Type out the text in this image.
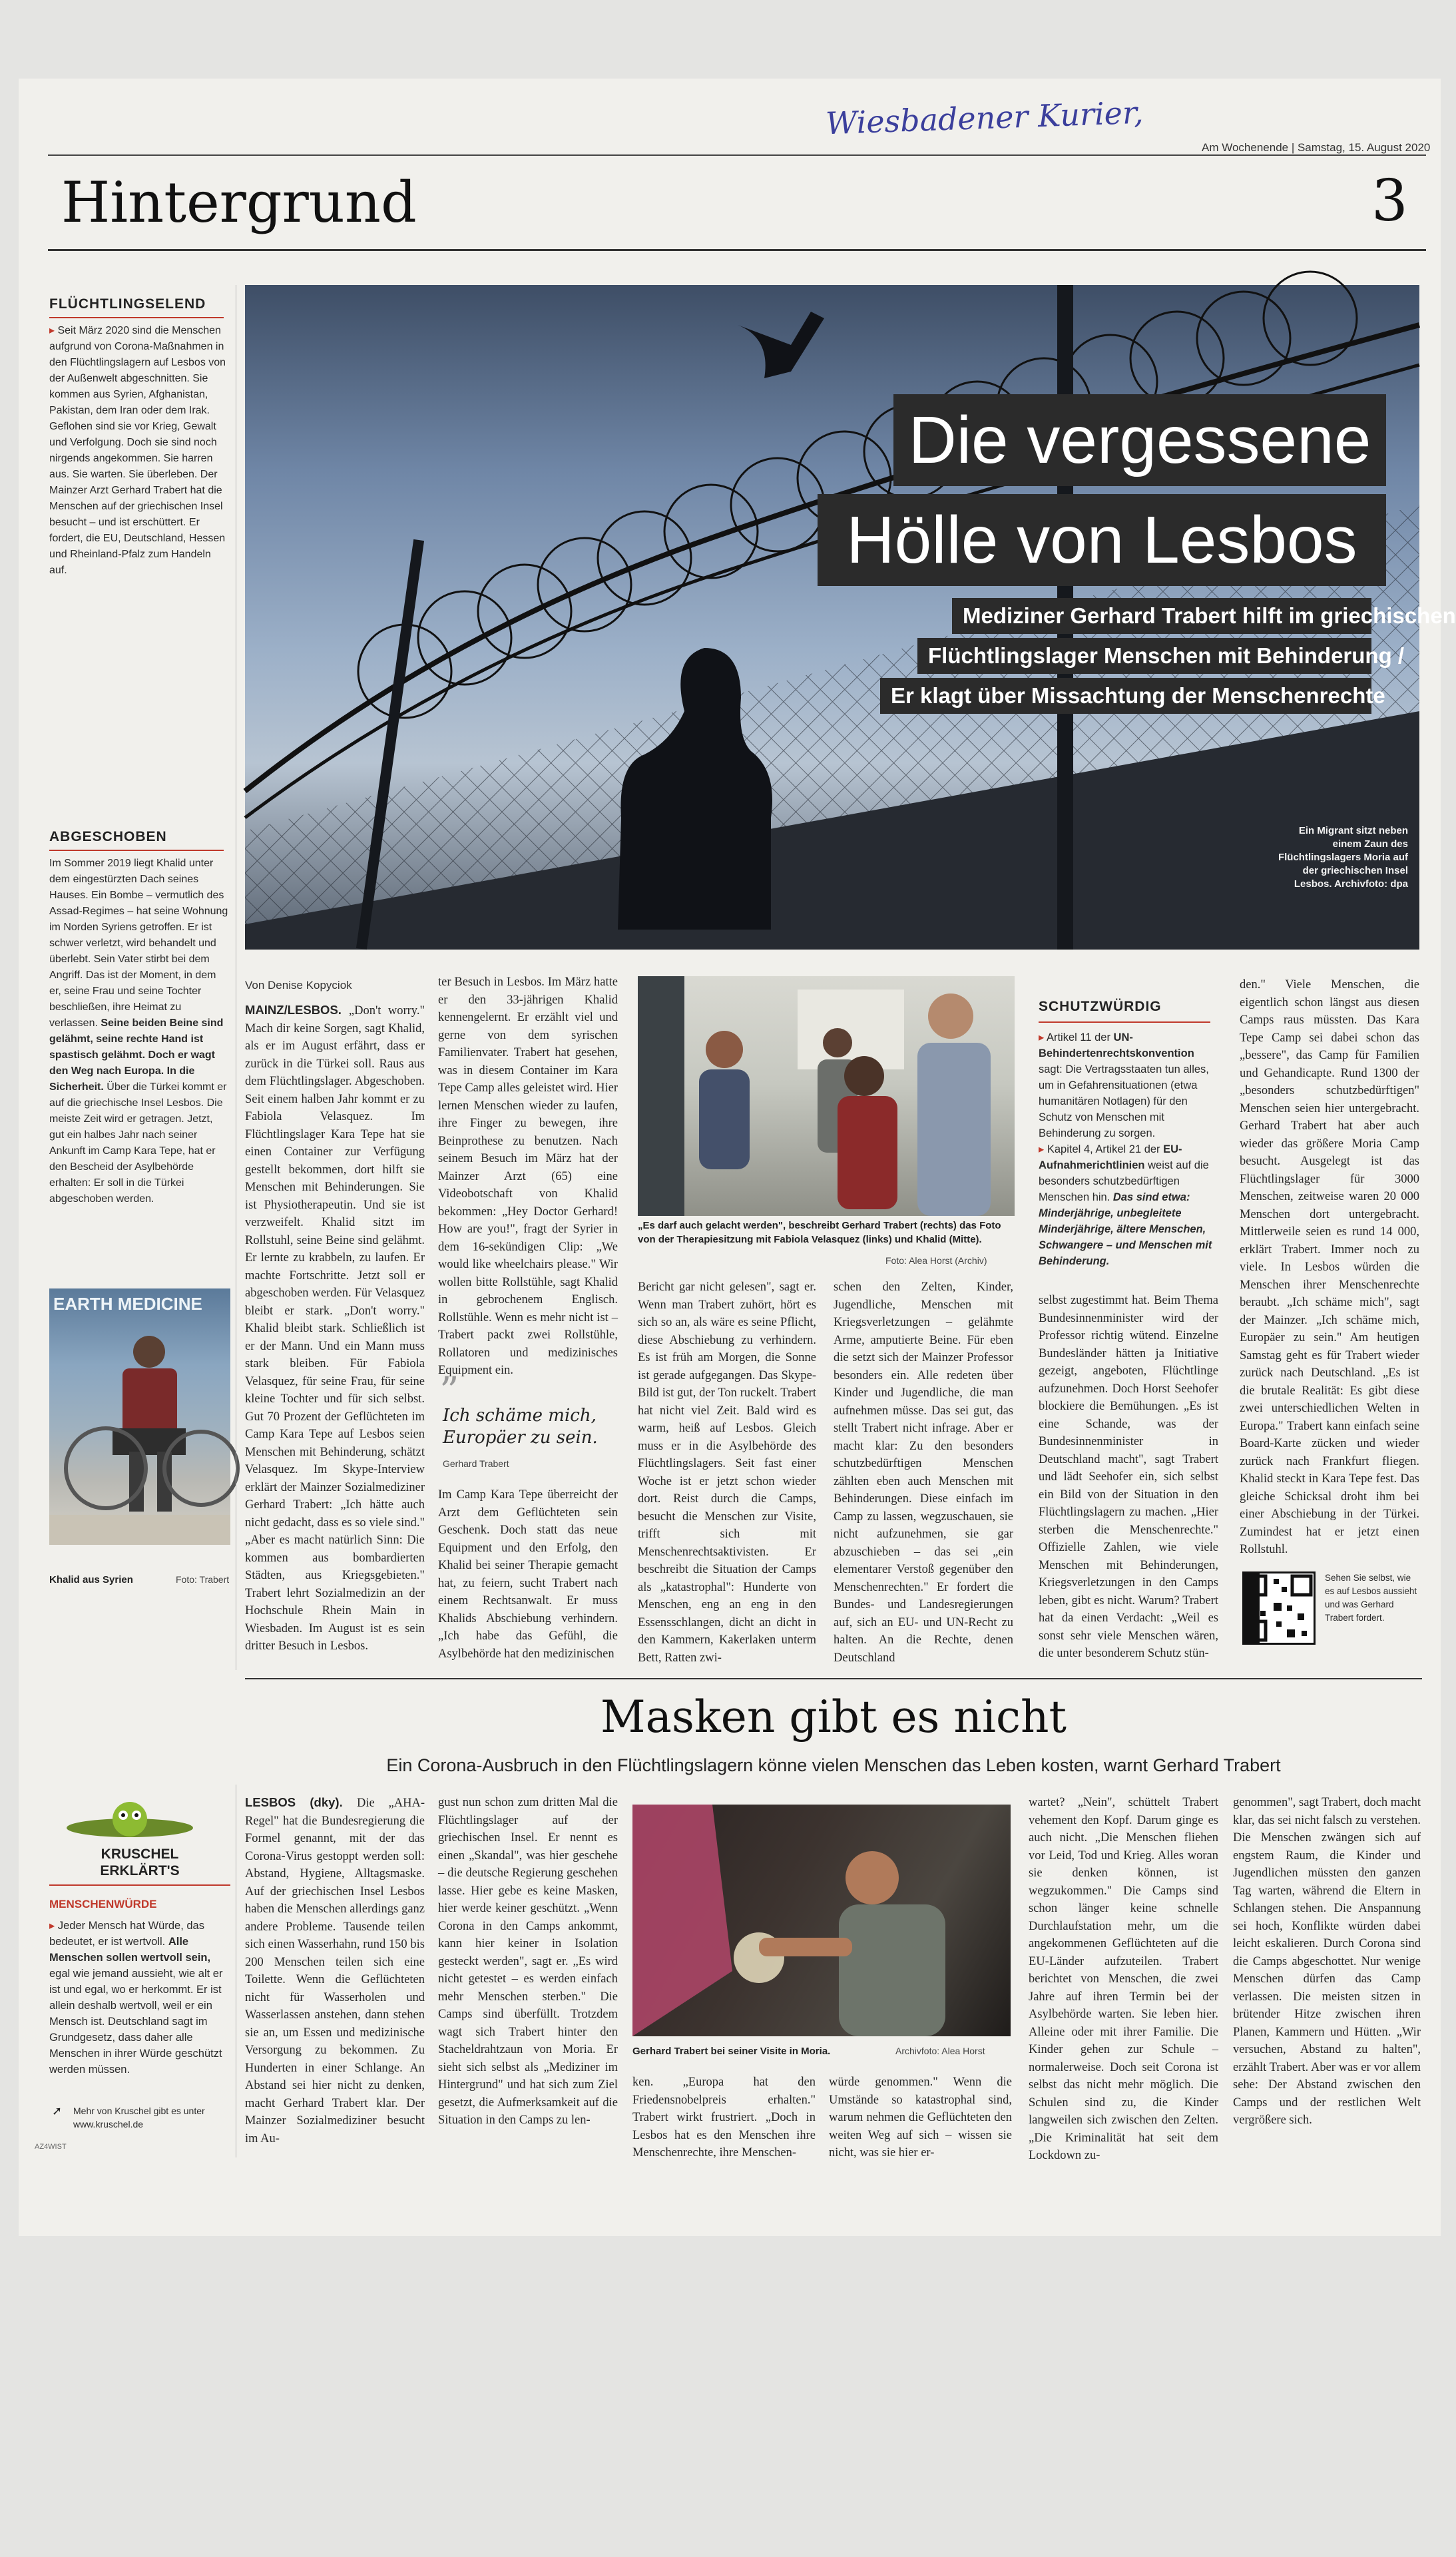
Wiesbadener Kurier,
Am Wochenende | Samstag, 15. August 2020
Hintergrund	3
FLÜCHTLINGSELEND
▸ Seit März 2020 sind die Menschen aufgrund von Corona-Maßnahmen in den Flüchtlingslagern auf Lesbos von der Außenwelt abgeschnitten. Sie kommen aus Syrien, Afghanistan, Pakistan, dem Iran oder dem Irak. Geflohen sind sie vor Krieg, Gewalt und Verfolgung. Doch sie sind noch nirgends angekommen. Sie harren aus. Sie warten. Sie überleben. Der Mainzer Arzt Gerhard Trabert hat die Menschen auf der griechischen Insel besucht – und ist erschüttert. Er fordert, die EU, Deutschland, Hessen und Rheinland-Pfalz zum Handeln auf.
ABGESCHOBEN
Im Sommer 2019 liegt Khalid unter dem eingestürzten Dach seines Hauses. Ein Bombe – vermutlich des Assad-Regimes – hat seine Wohnung im Norden Syriens getroffen. Er ist schwer verletzt, wird behandelt und überlebt. Sein Vater stirbt bei dem Angriff. Das ist der Moment, in dem er, seine Frau und seine Tochter beschließen, ihre Heimat zu verlassen. Seine beiden Beine sind gelähmt, seine rechte Hand ist spastisch gelähmt. Doch er wagt den Weg nach Europa. In die Sicherheit. Über die Türkei kommt er auf die griechische Insel Lesbos. Die meiste Zeit wird er getragen. Jetzt, gut ein halbes Jahr nach seiner Ankunft im Camp Kara Tepe, hat er den Bescheid der Asylbehörde erhalten: Er soll in die Türkei abgeschoben werden.
EARTH MEDICINE
Khalid aus Syrien	Foto: Trabert
Die vergessene
Hölle von Lesbos
Mediziner Gerhard Trabert hilft im griechischen
Flüchtlingslager Menschen mit Behinderung /
Er klagt über Missachtung der Menschenrechte
Ein Migrant sitzt neben einem Zaun des Flüchtlingslagers Moria auf der griechischen Insel Lesbos. Archivfoto: dpa
Von Denise Kopyciok
MAINZ/LESBOS. „Don't worry." Mach dir keine Sorgen, sagt Khalid, als er im August erfährt, dass er zurück in die Türkei soll. Raus aus dem Flüchtlingslager. Abgeschoben. Seit einem halben Jahr kommt er zu Fabiola Velasquez. Im Flüchtlingslager Kara Tepe hat sie einen Container zur Verfügung gestellt bekommen, dort hilft sie Menschen mit Behinderungen. Sie ist Physiotherapeutin. Und sie ist verzweifelt. Khalid sitzt im Rollstuhl, seine Beine sind gelähmt. Er lernte zu krabbeln, zu laufen. Er machte Fortschritte. Jetzt soll er abgeschoben werden. Für Velasquez bleibt er stark. „Don't worry." Khalid bleibt stark. Schließlich ist er der Mann. Und ein Mann muss stark bleiben. Für Fabiola Velasquez, für seine Frau, für seine kleine Tochter und für sich selbst. Gut 70 Prozent der Geflüchteten im Camp Kara Tepe auf Lesbos seien Menschen mit Behinderung, schätzt Velasquez. Im Skype-Interview erklärt der Mainzer Sozialmediziner Gerhard Trabert: „Ich hätte auch nicht gedacht, dass es so viele sind." „Aber es macht natürlich Sinn: Die kommen aus bombardierten Städten, aus Kriegsgebieten." Trabert lehrt Sozialmedizin an der Hochschule Rhein Main in Wiesbaden. Im August ist es sein dritter Besuch in Lesbos.
ter Besuch in Lesbos. Im März hatte er den 33-jährigen Khalid kennengelernt. Er erzählt viel und gerne von dem syrischen Familienvater. Trabert hat gesehen, was in diesem Container im Kara Tepe Camp alles geleistet wird. Hier lernen Menschen wieder zu laufen, ihre Finger zu bewegen, ihre Beinprothese zu benutzen. Nach seinem Besuch im März hat der Mainzer Arzt (65) eine Videobotschaft von Khalid bekommen: „Hey Doctor Gerhard! How are you!", fragt der Syrier in dem 16-sekündigen Clip: „We would like wheelchairs please." Wir wollen bitte Rollstühle, sagt Khalid in gebrochenem Englisch. Rollstühle. Wenn es mehr nicht ist – Trabert packt zwei Rollstühle, Rollatoren und medizinisches Equipment ein.
”
Ich schäme mich, Europäer zu sein.
Gerhard Trabert
Im Camp Kara Tepe überreicht der Arzt dem Geflüchteten sein Geschenk. Doch statt das neue Equipment und den Erfolg, den Khalid bei seiner Therapie gemacht hat, zu feiern, sucht Trabert nach einem Rechtsanwalt. Er muss Khalids Abschiebung verhindern. „Ich habe das Gefühl, die Asylbehörde hat den medizinischen
„Es darf auch gelacht werden", beschreibt Gerhard Trabert (rechts) das Foto von der Therapiesitzung mit Fabiola Velasquez (links) und Khalid (Mitte).
Foto: Alea Horst (Archiv)
Bericht gar nicht gelesen", sagt er. Wenn man Trabert zuhört, hört es sich so an, als wäre es seine Pflicht, diese Abschiebung zu verhindern. Es ist früh am Morgen, die Sonne ist gerade aufgegangen. Das Skype-Bild ist gut, der Ton ruckelt. Trabert hat nicht viel Zeit. Bald wird es warm, heiß auf Lesbos. Gleich muss er in die Asylbehörde des Flüchtlingslagers. Seit fast einer Woche ist er jetzt schon wieder dort. Reist durch die Camps, besucht die Menschen zur Visite, trifft sich mit Menschenrechtsaktivisten. Er beschreibt die Situation der Camps als „katastrophal": Hunderte von Menschen, eng an eng in den Essensschlangen, dicht an dicht in den Kammern, Kakerlaken unterm Bett, Ratten zwi-
schen den Zelten, Kinder, Jugendliche, Menschen mit Kriegsverletzungen – gelähmte Arme, amputierte Beine. Für eben die setzt sich der Mainzer Professor besonders ein. Alle redeten über Kinder und Jugendliche, die man aufnehmen müsse. Das sei gut, das stellt Trabert nicht infrage. Aber er macht klar: Zu den besonders schutzbedürftigen Menschen zählten eben auch Menschen mit Behinderungen. Diese einfach im Camp zu lassen, wegzuschauen, sie nicht aufzunehmen, sie gar abzuschieben – das sei „ein elementarer Verstoß gegenüber den Menschenrechten." Er fordert die Bundes- und Landesregierungen auf, sich an EU- und UN-Recht zu halten. An die Rechte, denen Deutschland
SCHUTZWÜRDIG
▸ Artikel 11 der UN-Behindertenrechtskonvention sagt: Die Vertragsstaaten tun alles, um in Gefahrensituationen (etwa humanitären Notlagen) für den Schutz von Menschen mit Behinderung zu sorgen.
▸ Kapitel 4, Artikel 21 der EU-Aufnahmerichtlinien weist auf die besonders schutzbedürftigen Menschen hin. Das sind etwa: Minderjährige, unbegleitete Minderjährige, ältere Menschen, Schwangere – und Menschen mit Behinderung.
selbst zugestimmt hat. Beim Thema Bundesinnenminister wird der Professor richtig wütend. Einzelne Bundesländer hätten ja Initiative gezeigt, angeboten, Flüchtlinge aufzunehmen. Doch Horst Seehofer blockiere die Bemühungen. „Es ist eine Schande, was der Bundesinnenminister in Deutschland macht", sagt Trabert und lädt Seehofer ein, sich selbst ein Bild von der Situation in den Flüchtlingslagern zu machen. „Hier sterben die Menschenrechte." Offizielle Zahlen, wie viele Menschen mit Behinderungen, Kriegsverletzungen in den Camps leben, gibt es nicht. Warum? Trabert hat da einen Verdacht: „Weil es sonst sehr viele Menschen wären, die unter besonderem Schutz stün-
den." Viele Menschen, die eigentlich schon längst aus diesen Camps raus müssten. Das Kara Tepe Camp sei dabei schon das „bessere", das Camp für Familien und Gehandicapte. Rund 1300 der „besonders schutzbedürftigen" Menschen seien hier untergebracht. Gerhard Trabert hat aber auch wieder das größere Moria Camp besucht. Ausgelegt ist das Flüchtlingslager für 3000 Menschen, zeitweise waren 20 000 Menschen dort untergebracht. Mittlerweile seien es rund 14 000, erklärt Trabert. Immer noch zu viele. In Lesbos würden die Menschen ihrer Menschenrechte beraubt. „Ich schäme mich", sagt der Mainzer. „Ich schäme mich, Europäer zu sein." Am heutigen Samstag geht es für Trabert wieder zurück nach Deutschland. „Es ist die brutale Realität: Es gibt diese zwei unterschiedlichen Welten in Europa." Trabert kann einfach seine Board-Karte zücken und wieder zurück nach Frankfurt fliegen. Khalid steckt in Kara Tepe fest. Das gleiche Schicksal droht ihm bei einer Abschiebung in der Türkei. Zumindest hat er jetzt einen Rollstuhl.
Sehen Sie selbst, wie es auf Lesbos aussieht und was Gerhard Trabert fordert.
Masken gibt es nicht
Ein Corona-Ausbruch in den Flüchtlingslagern könne vielen Menschen das Leben kosten, warnt Gerhard Trabert
LESBOS (dky). Die „AHA-Regel" hat die Bundesregierung die Formel genannt, mit der das Corona-Virus gestoppt werden soll: Abstand, Hygiene, Alltagsmaske. Auf der griechischen Insel Lesbos haben die Menschen allerdings ganz andere Probleme. Tausende teilen sich einen Wasserhahn, rund 150 bis 200 Menschen teilen sich eine Toilette. Wenn die Geflüchteten nicht für Wasserholen und Wasserlassen anstehen, dann stehen sie an, um Essen und medizinische Versorgung zu bekommen. Zu Hunderten in einer Schlange. An Abstand sei hier nicht zu denken, macht Gerhard Trabert klar. Der Mainzer Sozialmediziner besucht im Au-
gust nun schon zum dritten Mal die Flüchtlingslager auf der griechischen Insel. Er nennt es einen „Skandal", was hier geschehe – die deutsche Regierung geschehen lasse. Hier gebe es keine Masken, hier werde keiner geschützt. „Wenn Corona in den Camps ankommt, kann hier keiner in Isolation gesteckt werden", sagt er. „Es wird nicht getestet – es werden einfach mehr Menschen sterben." Die Camps sind überfüllt. Trotzdem wagt sich Trabert hinter den Stacheldrahtzaun von Moria. Er sieht sich selbst als „Mediziner im Hintergrund" und hat sich zum Ziel gesetzt, die Aufmerksamkeit auf die Situation in den Camps zu len-
Gerhard Trabert bei seiner Visite in Moria.	Archivfoto: Alea Horst
ken. „Europa hat den Friedensnobelpreis erhalten." Trabert wirkt frustriert. „Doch in Lesbos hat es den Menschen ihre Menschenrechte, ihre Menschen-
würde genommen." Wenn die Umstände so katastrophal sind, warum nehmen die Geflüchteten den weiten Weg auf sich – wissen sie nicht, was sie hier er-
wartet? „Nein", schüttelt Trabert vehement den Kopf. Darum ginge es auch nicht. „Die Menschen fliehen vor Leid, Tod und Krieg. Alles woran sie denken können, ist wegzukommen." Die Camps sind schon länger keine schnelle Durchlaufstation mehr, um die angekommenen Geflüchteten auf die EU-Länder aufzuteilen. Trabert berichtet von Menschen, die zwei Jahre auf ihren Termin bei der Asylbehörde warten. Sie leben hier. Alleine oder mit ihrer Familie. Die Kinder gehen zur Schule – normalerweise. Doch seit Corona ist selbst das nicht mehr möglich. Die Schulen sind zu, die Kinder langweilen sich zwischen den Zelten. „Die Kriminalität hat seit dem Lockdown zu-
genommen", sagt Trabert, doch macht klar, das sei nicht falsch zu verstehen. Die Menschen zwängen sich auf engstem Raum, die Kinder und Jugendlichen müssten den ganzen Tag warten, während die Eltern in Schlangen stehen. Die Anspannung sei hoch, Konflikte würden dabei leicht eskalieren. Durch Corona sind die Camps abgeschottet. Nur wenige Menschen dürfen das Camp verlassen. Die meisten sitzen in brütender Hitze zwischen ihren Planen, Kammern und Hütten. „Wir versuchen, Abstand zu halten", erzählt Trabert. Aber was er vor allem sehe: Der Abstand zwischen den Camps und der restlichen Welt vergrößere sich.
KRUSCHEL
ERKLÄRT'S
MENSCHENWÜRDE
▸ Jeder Mensch hat Würde, das bedeutet, er ist wertvoll. Alle Menschen sollen wertvoll sein, egal wie jemand aussieht, wie alt er ist und egal, wo er herkommt. Er ist allein deshalb wertvoll, weil er ein Mensch ist. Deutschland sagt im Grundgesetz, dass daher alle Menschen in ihrer Würde geschützt werden müssen.
➚ Mehr von Kruschel gibt es unter www.kruschel.de
AZ4WIST
